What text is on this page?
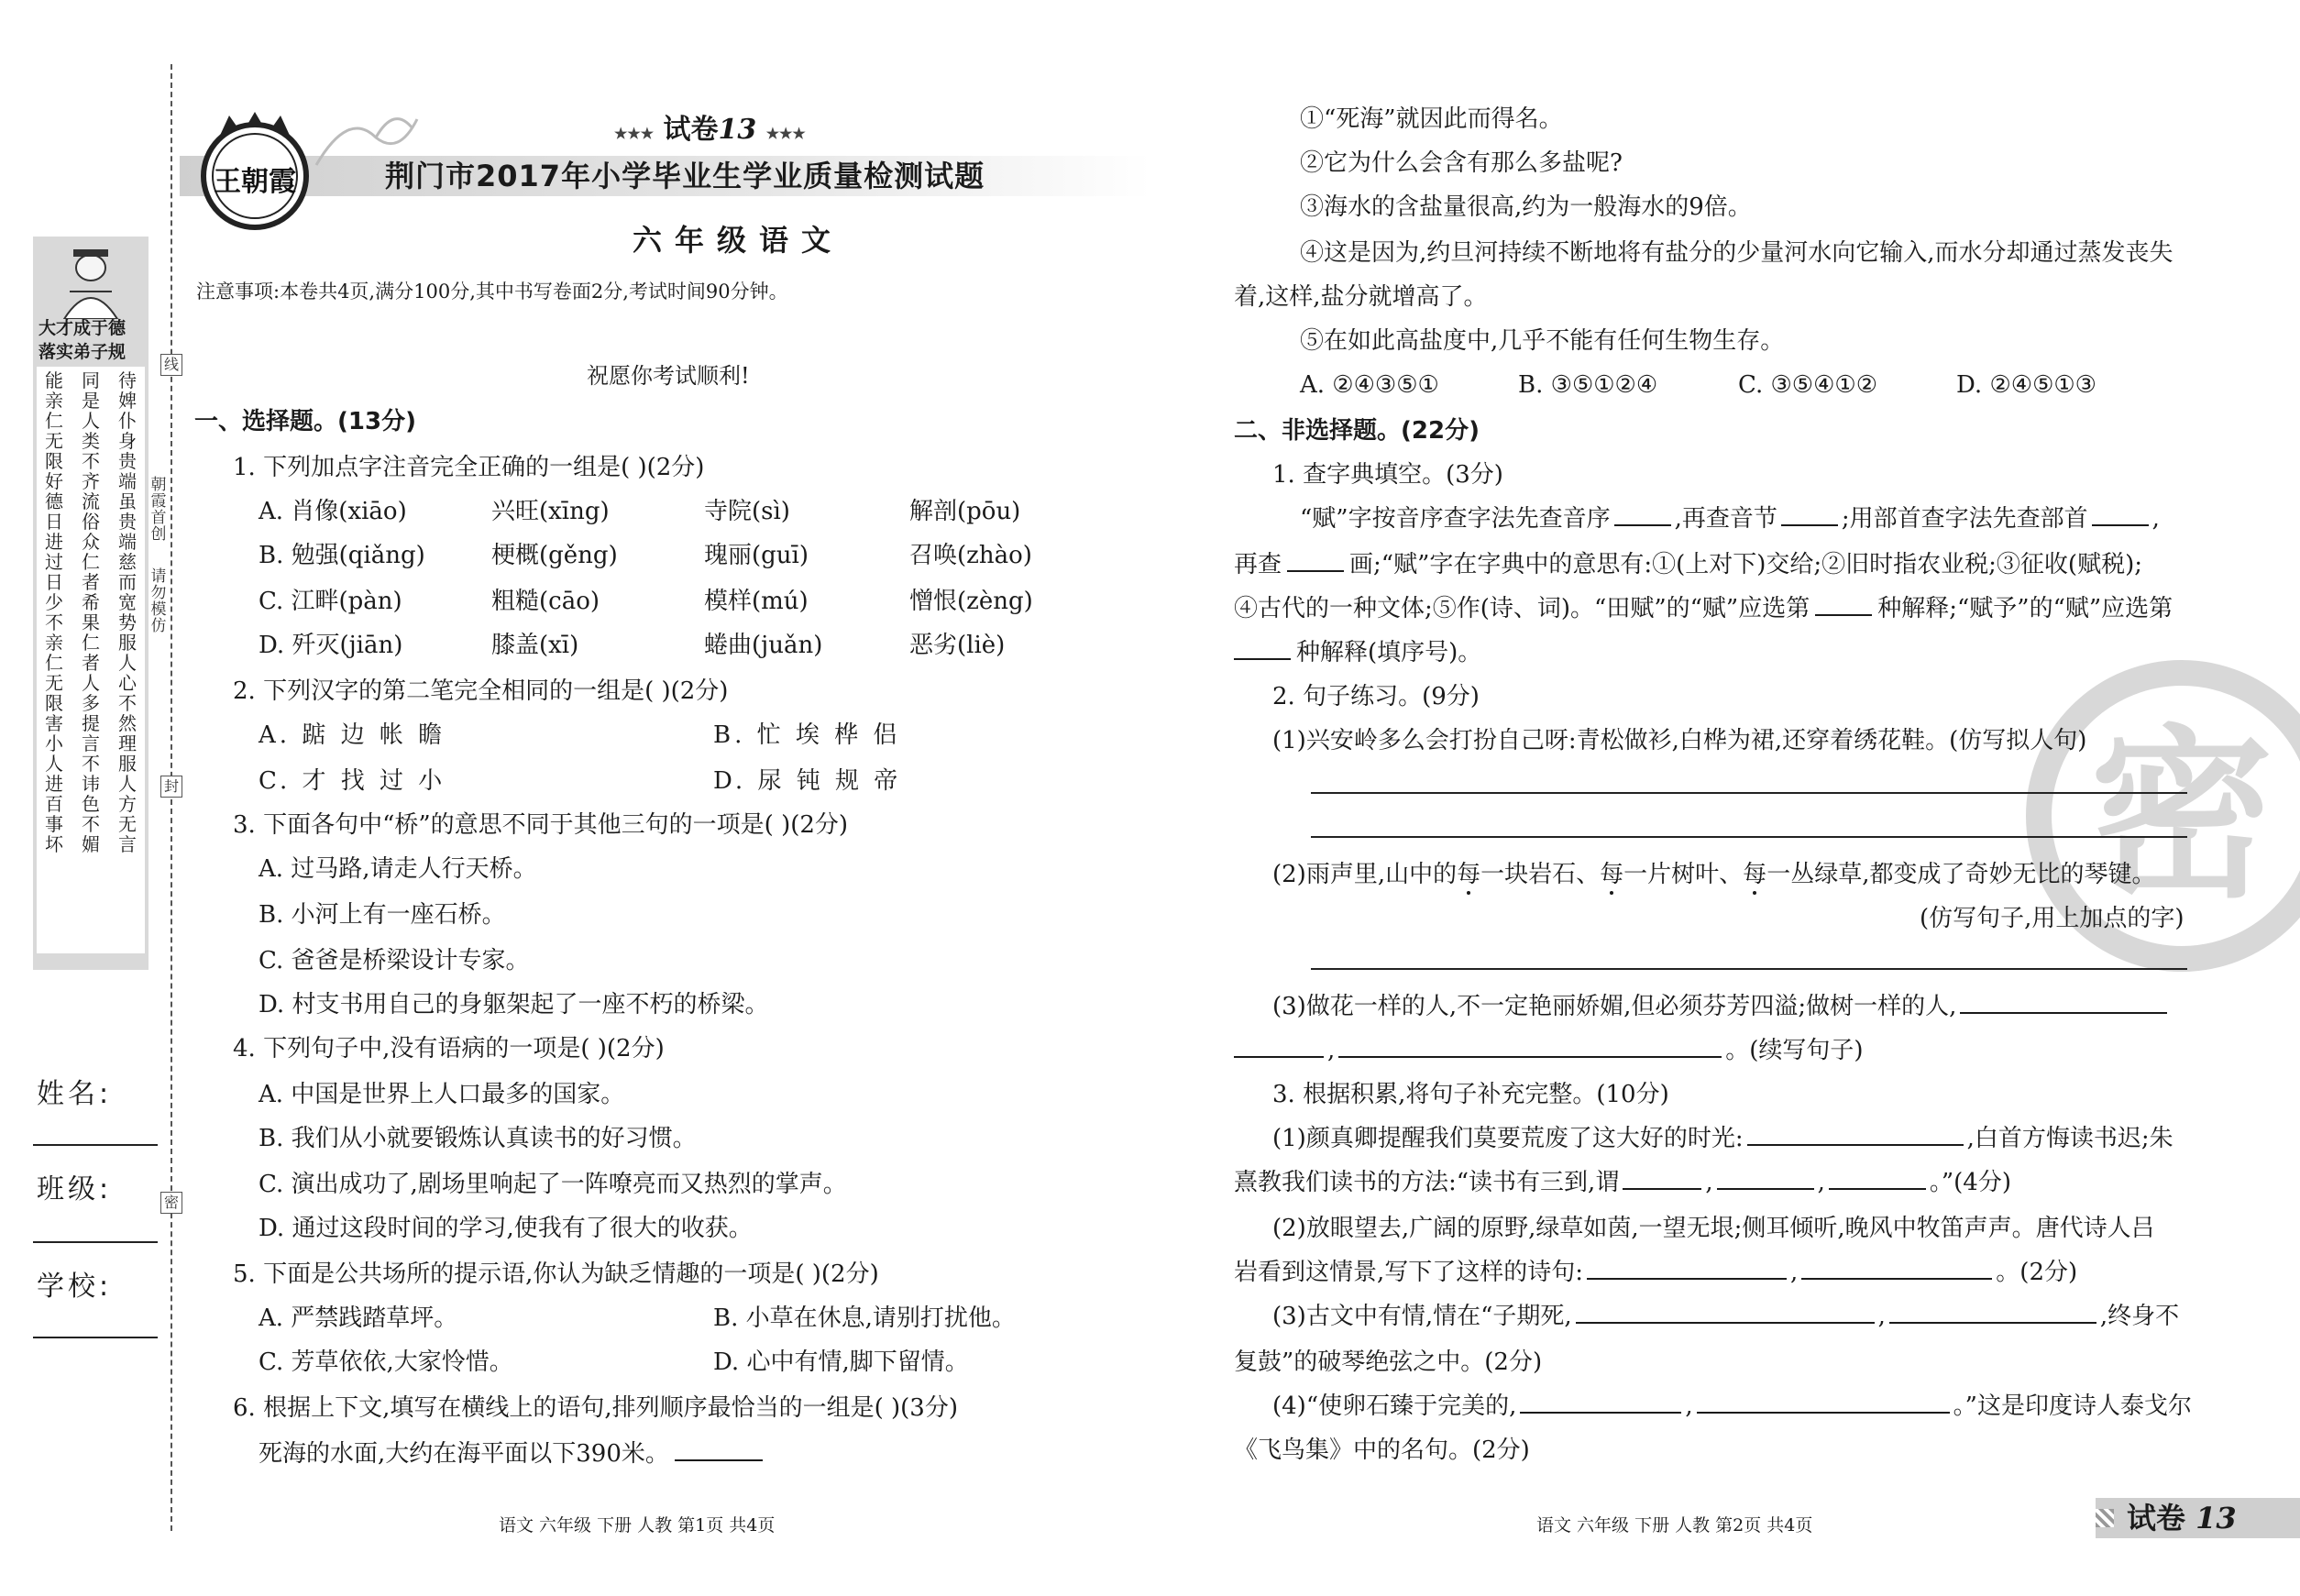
大才成于德
落实弟子规
能亲仁无限好德日进过日少不亲仁无限害小人进百事坏
同是人类不齐流俗众仁者希果仁者人多提言不讳色不媚
待婢仆身贵端虽贵端慈而宽势服人心不然理服人方无言
线
封
密
朝霞首创
请勿模仿
姓名:
班级:
学校:
王朝霞
★★★ 试卷13 ★★★
荆门市2017年小学毕业生学业质量检测试题
六年级语文
注意事项:本卷共4页,满分100分,其中书写卷面2分,考试时间90分钟。
祝愿你考试顺利!
一、选择题。(13分)
1. 下列加点字注音完全正确的一组是( )(2分)
A. 肖像(xiāo)	兴旺(xīng)	寺院(sì)	解剖(pōu)
B. 勉强(qiǎng)	梗概(gěng)	瑰丽(guī)	召唤(zhào)
C. 江畔(pàn)	粗糙(cāo)	模样(mú)	憎恨(zèng)
D. 歼灭(jiān)	膝盖(xī)	蜷曲(juǎn)	恶劣(liè)
2. 下列汉字的第二笔完全相同的一组是( )(2分)
A. 踮 边 帐 瞻	B. 忙 埃 桦 侣
C. 才 找 过 小	D. 尿 钝 规 帝
3. 下面各句中“桥”的意思不同于其他三句的一项是( )(2分)
A. 过马路,请走人行天桥。
B. 小河上有一座石桥。
C. 爸爸是桥梁设计专家。
D. 村支书用自己的身躯架起了一座不朽的桥梁。
4. 下列句子中,没有语病的一项是( )(2分)
A. 中国是世界上人口最多的国家。
B. 我们从小就要锻炼认真读书的好习惯。
C. 演出成功了,剧场里响起了一阵嘹亮而又热烈的掌声。
D. 通过这段时间的学习,使我有了很大的收获。
5. 下面是公共场所的提示语,你认为缺乏情趣的一项是( )(2分)
A. 严禁践踏草坪。	B. 小草在休息,请别打扰他。
C. 芳草依依,大家怜惜。	D. 心中有情,脚下留情。
6. 根据上下文,填写在横线上的语句,排列顺序最恰当的一组是( )(3分)
死海的水面,大约在海平面以下390米。
语文 六年级 下册 人教 第1页 共4页
密
①“死海”就因此而得名。
②它为什么会含有那么多盐呢?
③海水的含盐量很高,约为一般海水的9倍。
④这是因为,约旦河持续不断地将有盐分的少量河水向它输入,而水分却通过蒸发丧失
着,这样,盐分就增高了。
⑤在如此高盐度中,几乎不能有任何生物生存。
A. ②④③⑤①	B. ③⑤①②④	C. ③⑤④①②	D. ②④⑤①③
二、非选择题。(22分)
1. 查字典填空。(3分)
“赋”字按音序查字法先查音序	,再查音节	;用部首查字法先查部首	,
再查	画;“赋”字在字典中的意思有:①(上对下)交给;②旧时指农业税;③征收(赋税);
④古代的一种文体;⑤作(诗、词)。“田赋”的“赋”应选第	种解释;“赋予”的“赋”应选第
种解释(填序号)。
2. 句子练习。(9分)
(1)兴安岭多么会打扮自己呀:青松做衫,白桦为裙,还穿着绣花鞋。(仿写拟人句)
(2)雨声里,山中的每一块岩石、每一片树叶、每一丛绿草,都变成了奇妙无比的琴键。
(仿写句子,用上加点的字)
(3)做花一样的人,不一定艳丽娇媚,但必须芬芳四溢;做树一样的人,
,	。(续写句子)
3. 根据积累,将句子补充完整。(10分)
(1)颜真卿提醒我们莫要荒废了这大好的时光:	,白首方悔读书迟;朱
熹教我们读书的方法:“读书有三到,谓	,	,	。”(4分)
(2)放眼望去,广阔的原野,绿草如茵,一望无垠;侧耳倾听,晚风中牧笛声声。唐代诗人吕
岩看到这情景,写下了这样的诗句:	,	。(2分)
(3)古文中有情,情在“子期死,	,	,终身不
复鼓”的破琴绝弦之中。(2分)
(4)“使卵石臻于完美的,	,	。”这是印度诗人泰戈尔
《飞鸟集》中的名句。(2分)
语文 六年级 下册 人教 第2页 共4页	试卷 13
